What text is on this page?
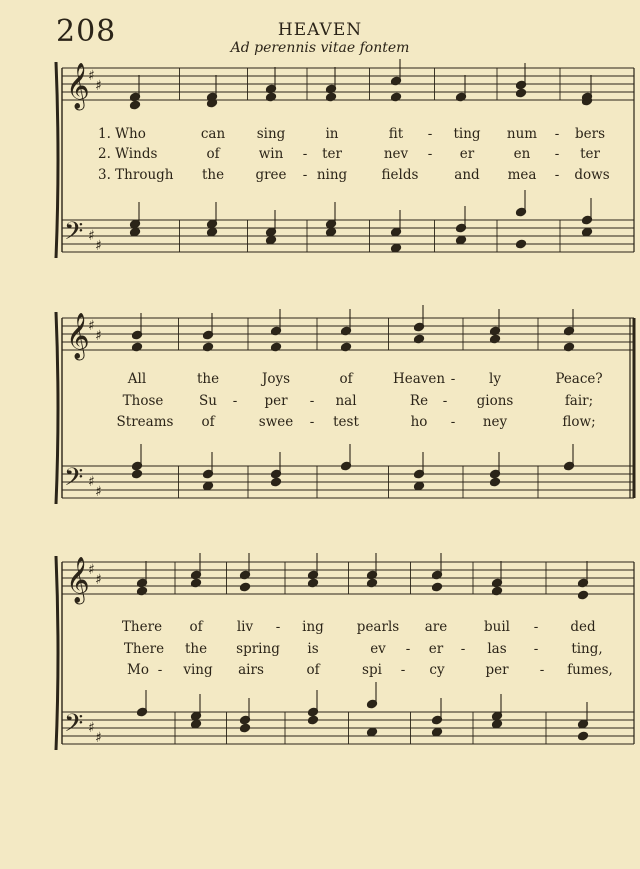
208	HEAVEN
Ad perennis vitae fontem
𝄞
𝄢
♯
♯
♯
♯
𝄞
𝄢
♯
♯
♯
♯
𝄞
𝄢
♯
♯
♯
♯
1. Who	can sing	in	fit - ting num - bers
2. Winds	of	win - ter	nev - er	en - ter
3. Through the gree - ning	fields	and mea - dows
All	the	Joys	of	Heaven - ly	Peace?
Those	Su - per - nal	Re - gions	fair;
Streams of	swee - test	ho - ney	flow;
There of	liv - ing pearls are	buil - ded
There the spring is	ev - er - las - ting,
Mo - ving airs	of	spi - cy	per - fumes,
